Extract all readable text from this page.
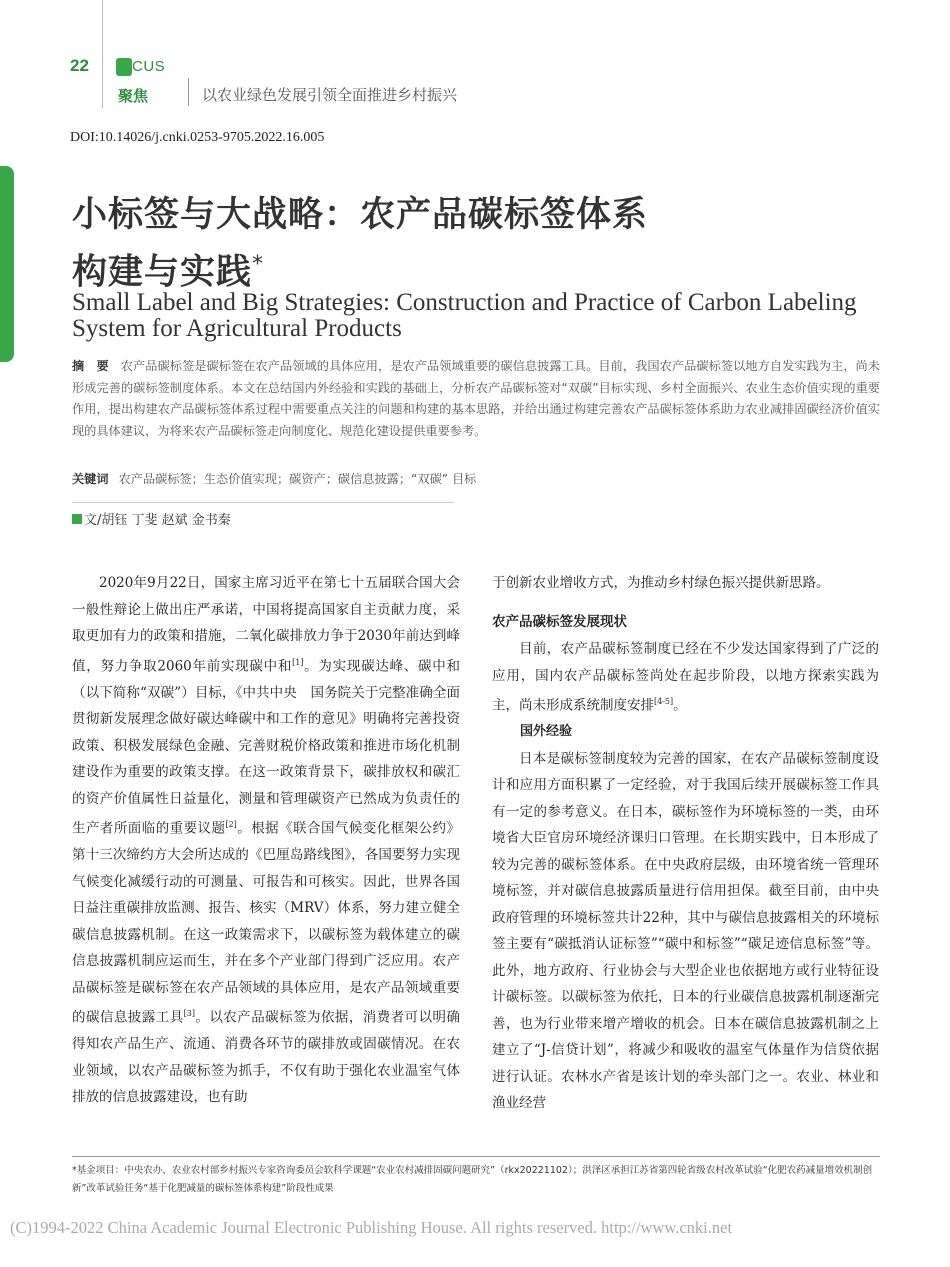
22	CUS
聚焦	以农业绿色发展引领全面推进乡村振兴
DOI:10.14026/j.cnki.0253-9705.2022.16.005
小标签与大战略：农产品碳标签体系
构建与实践*
Small Label and Big Strategies: Construction and Practice of Carbon Labeling
System for Agricultural Products
摘 要 农产品碳标签是碳标签在农产品领域的具体应用，是农产品领域重要的碳信息披露工具。目前，我国农产品碳标签以地方自发实践为主，尚未形成完善的碳标签制度体系。本文在总结国内外经验和实践的基础上，分析农产品碳标签对“双碳”目标实现、乡村全面振兴、农业生态价值实现的重要作用，提出构建农产品碳标签体系过程中需要重点关注的问题和构建的基本思路，并给出通过构建完善农产品碳标签体系助力农业减排固碳经济价值实现的具体建议，为将来农产品碳标签走向制度化、规范化建设提供重要参考。
关键词 农产品碳标签；生态价值实现；碳资产；碳信息披露；“双碳” 目标
文/胡钰 丁斐 赵斌 金书秦

2020年9月22日，国家主席习近平在第七十五届联合国大会一般性辩论上做出庄严承诺，中国将提高国家自主贡献力度，采取更加有力的政策和措施，二氧化碳排放力争于2030年前达到峰值，努力争取2060年前实现碳中和[1]。为实现碳达峰、碳中和（以下简称“双碳”）目标，《中共中央　国务院关于完整准确全面贯彻新发展理念做好碳达峰碳中和工作的意见》明确将完善投资政策、积极发展绿色金融、完善财税价格政策和推进市场化机制建设作为重要的政策支撑。在这一政策背景下，碳排放权和碳汇的资产价值属性日益量化，测量和管理碳资产已然成为负责任的生产者所面临的重要议题[2]。根据《联合国气候变化框架公约》第十三次缔约方大会所达成的《巴厘岛路线图》，各国要努力实现气候变化减缓行动的可测量、可报告和可核实。因此，世界各国日益注重碳排放监测、报告、核实（MRV）体系，努力建立健全碳信息披露机制。在这一政策需求下，以碳标签为载体建立的碳信息披露机制应运而生，并在多个产业部门得到广泛应用。农产品碳标签是碳标签在农产品领域的具体应用，是农产品领域重要的碳信息披露工具[3]。以农产品碳标签为依据，消费者可以明确得知农产品生产、流通、消费各环节的碳排放或固碳情况。在农业领域，以农产品碳标签为抓手，不仅有助于强化农业温室气体排放的信息披露建设，也有助

于创新农业增收方式，为推动乡村绿色振兴提供新思路。

农产品碳标签发展现状

目前，农产品碳标签制度已经在不少发达国家得到了广泛的应用，国内农产品碳标签尚处在起步阶段，以地方探索实践为主，尚未形成系统制度安排[4-5]。

国外经验

日本是碳标签制度较为完善的国家，在农产品碳标签制度设计和应用方面积累了一定经验，对于我国后续开展碳标签工作具有一定的参考意义。在日本，碳标签作为环境标签的一类，由环境省大臣官房环境经济课归口管理。在长期实践中，日本形成了较为完善的碳标签体系。在中央政府层级，由环境省统一管理环境标签，并对碳信息披露质量进行信用担保。截至目前，由中央政府管理的环境标签共计22种，其中与碳信息披露相关的环境标签主要有“碳抵消认证标签”“碳中和标签”“碳足迹信息标签”等。此外，地方政府、行业协会与大型企业也依据地方或行业特征设计碳标签。以碳标签为依托，日本的行业碳信息披露机制逐渐完善，也为行业带来增产增收的机会。日本在碳信息披露机制之上建立了“J-信贷计划”，将减少和吸收的温室气体量作为信贷依据进行认证。农林水产省是该计划的牵头部门之一。农业、林业和渔业经营

*基金项目：中央农办、农业农村部乡村振兴专家咨询委员会软科学课题“农业农村减排固碳问题研究”（rkx20221102）；洪泽区承担江苏省第四轮省级农村改革试验“化肥农药减量增效机制创新”改革试验任务“基于化肥减量的碳标签体系构建”阶段性成果
(C)1994-2022 China Academic Journal Electronic Publishing House. All rights reserved. http://www.cnki.net
